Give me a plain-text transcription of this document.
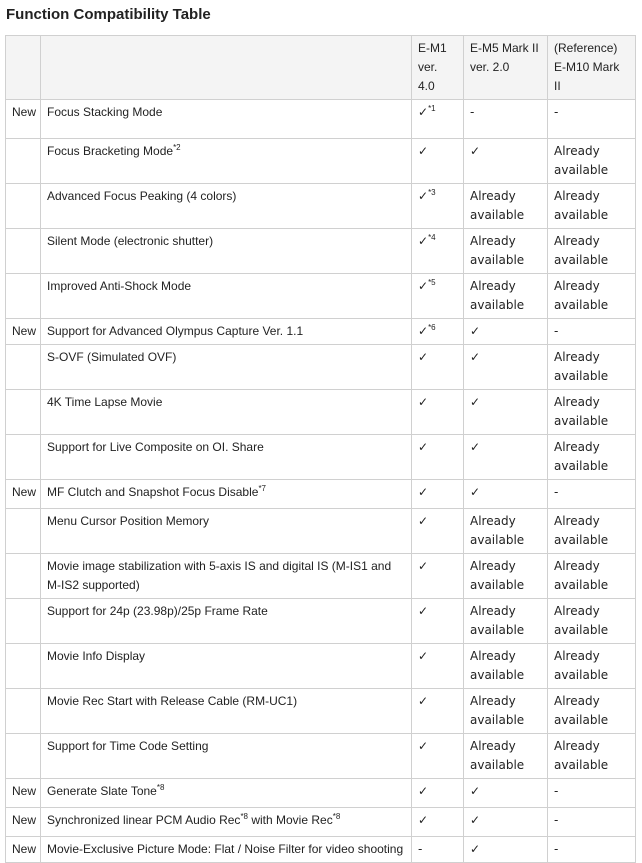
Function Compatibility Table
		E-M1 ver. 4.0	E-M5 Mark II ver. 2.0	(Reference) E-M10 Mark II
New	Focus Stacking Mode	✓$^{*1}$	-	-
	Focus Bracketing Mode$^{*2}$	✓	✓	Already available
	Advanced Focus Peaking (4 colors)	✓$^{*3}$	Already available	Already available
	Silent Mode (electronic shutter)	✓$^{*4}$	Already available	Already available
	Improved Anti-Shock Mode	✓$^{*5}$	Already available	Already available
New	Support for Advanced Olympus Capture Ver. 1.1	✓$^{*6}$	✓	-
	S-OVF (Simulated OVF)	✓	✓	Already available
	4K Time Lapse Movie	✓	✓	Already available
	Support for Live Composite on OI. Share	✓	✓	Already available
New	MF Clutch and Snapshot Focus Disable$^{*7}$	✓	✓	-
	Menu Cursor Position Memory	✓	Already available	Already available
	Movie image stabilization with 5-axis IS and digital IS (M-IS1 and M-IS2 supported)	✓	Already available	Already available
	Support for 24p (23.98p)/25p Frame Rate	✓	Already available	Already available
	Movie Info Display	✓	Already available	Already available
	Movie Rec Start with Release Cable (RM-UC1)	✓	Already available	Already available
	Support for Time Code Setting	✓	Already available	Already available
New	Generate Slate Tone$^{*8}$	✓	✓	-
New	Synchronized linear PCM Audio Rec$^{*8}$ with Movie Rec$^{*8}$	✓	✓	-
New	Movie-Exclusive Picture Mode: Flat / Noise Filter for video shooting	-	✓	-
